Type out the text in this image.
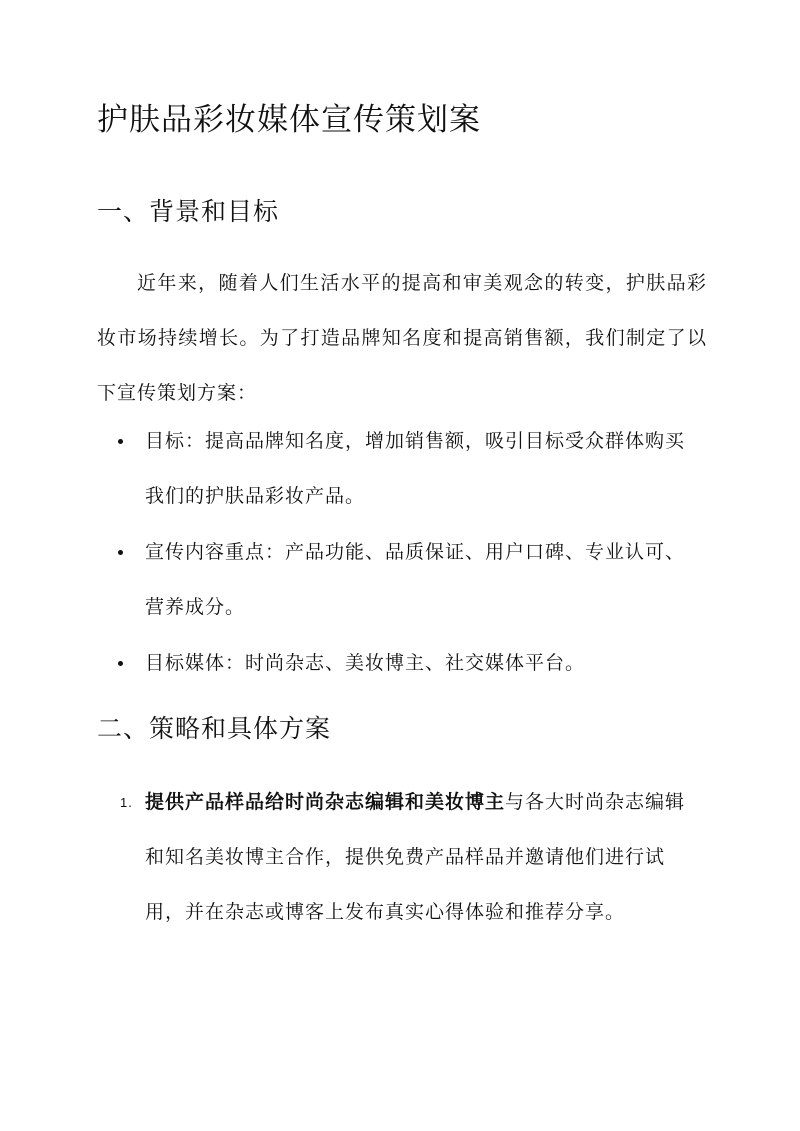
护肤品彩妆媒体宣传策划案
一、背景和目标

近年来，随着人们生活水平的提高和审美观念的转变，护肤品彩妆市场持续增长。为了打造品牌知名度和提高销售额，我们制定了以下宣传策划方案：

目标：提高品牌知名度，增加销售额，吸引目标受众群体购买我们的护肤品彩妆产品。
宣传内容重点：产品功能、品质保证、用户口碑、专业认可、营养成分。
目标媒体：时尚杂志、美妆博主、社交媒体平台。
二、策略和具体方案
1. 提供产品样品给时尚杂志编辑和美妆博主与各大时尚杂志编辑和知名美妆博主合作，提供免费产品样品并邀请他们进行试用，并在杂志或博客上发布真实心得体验和推荐分享。
